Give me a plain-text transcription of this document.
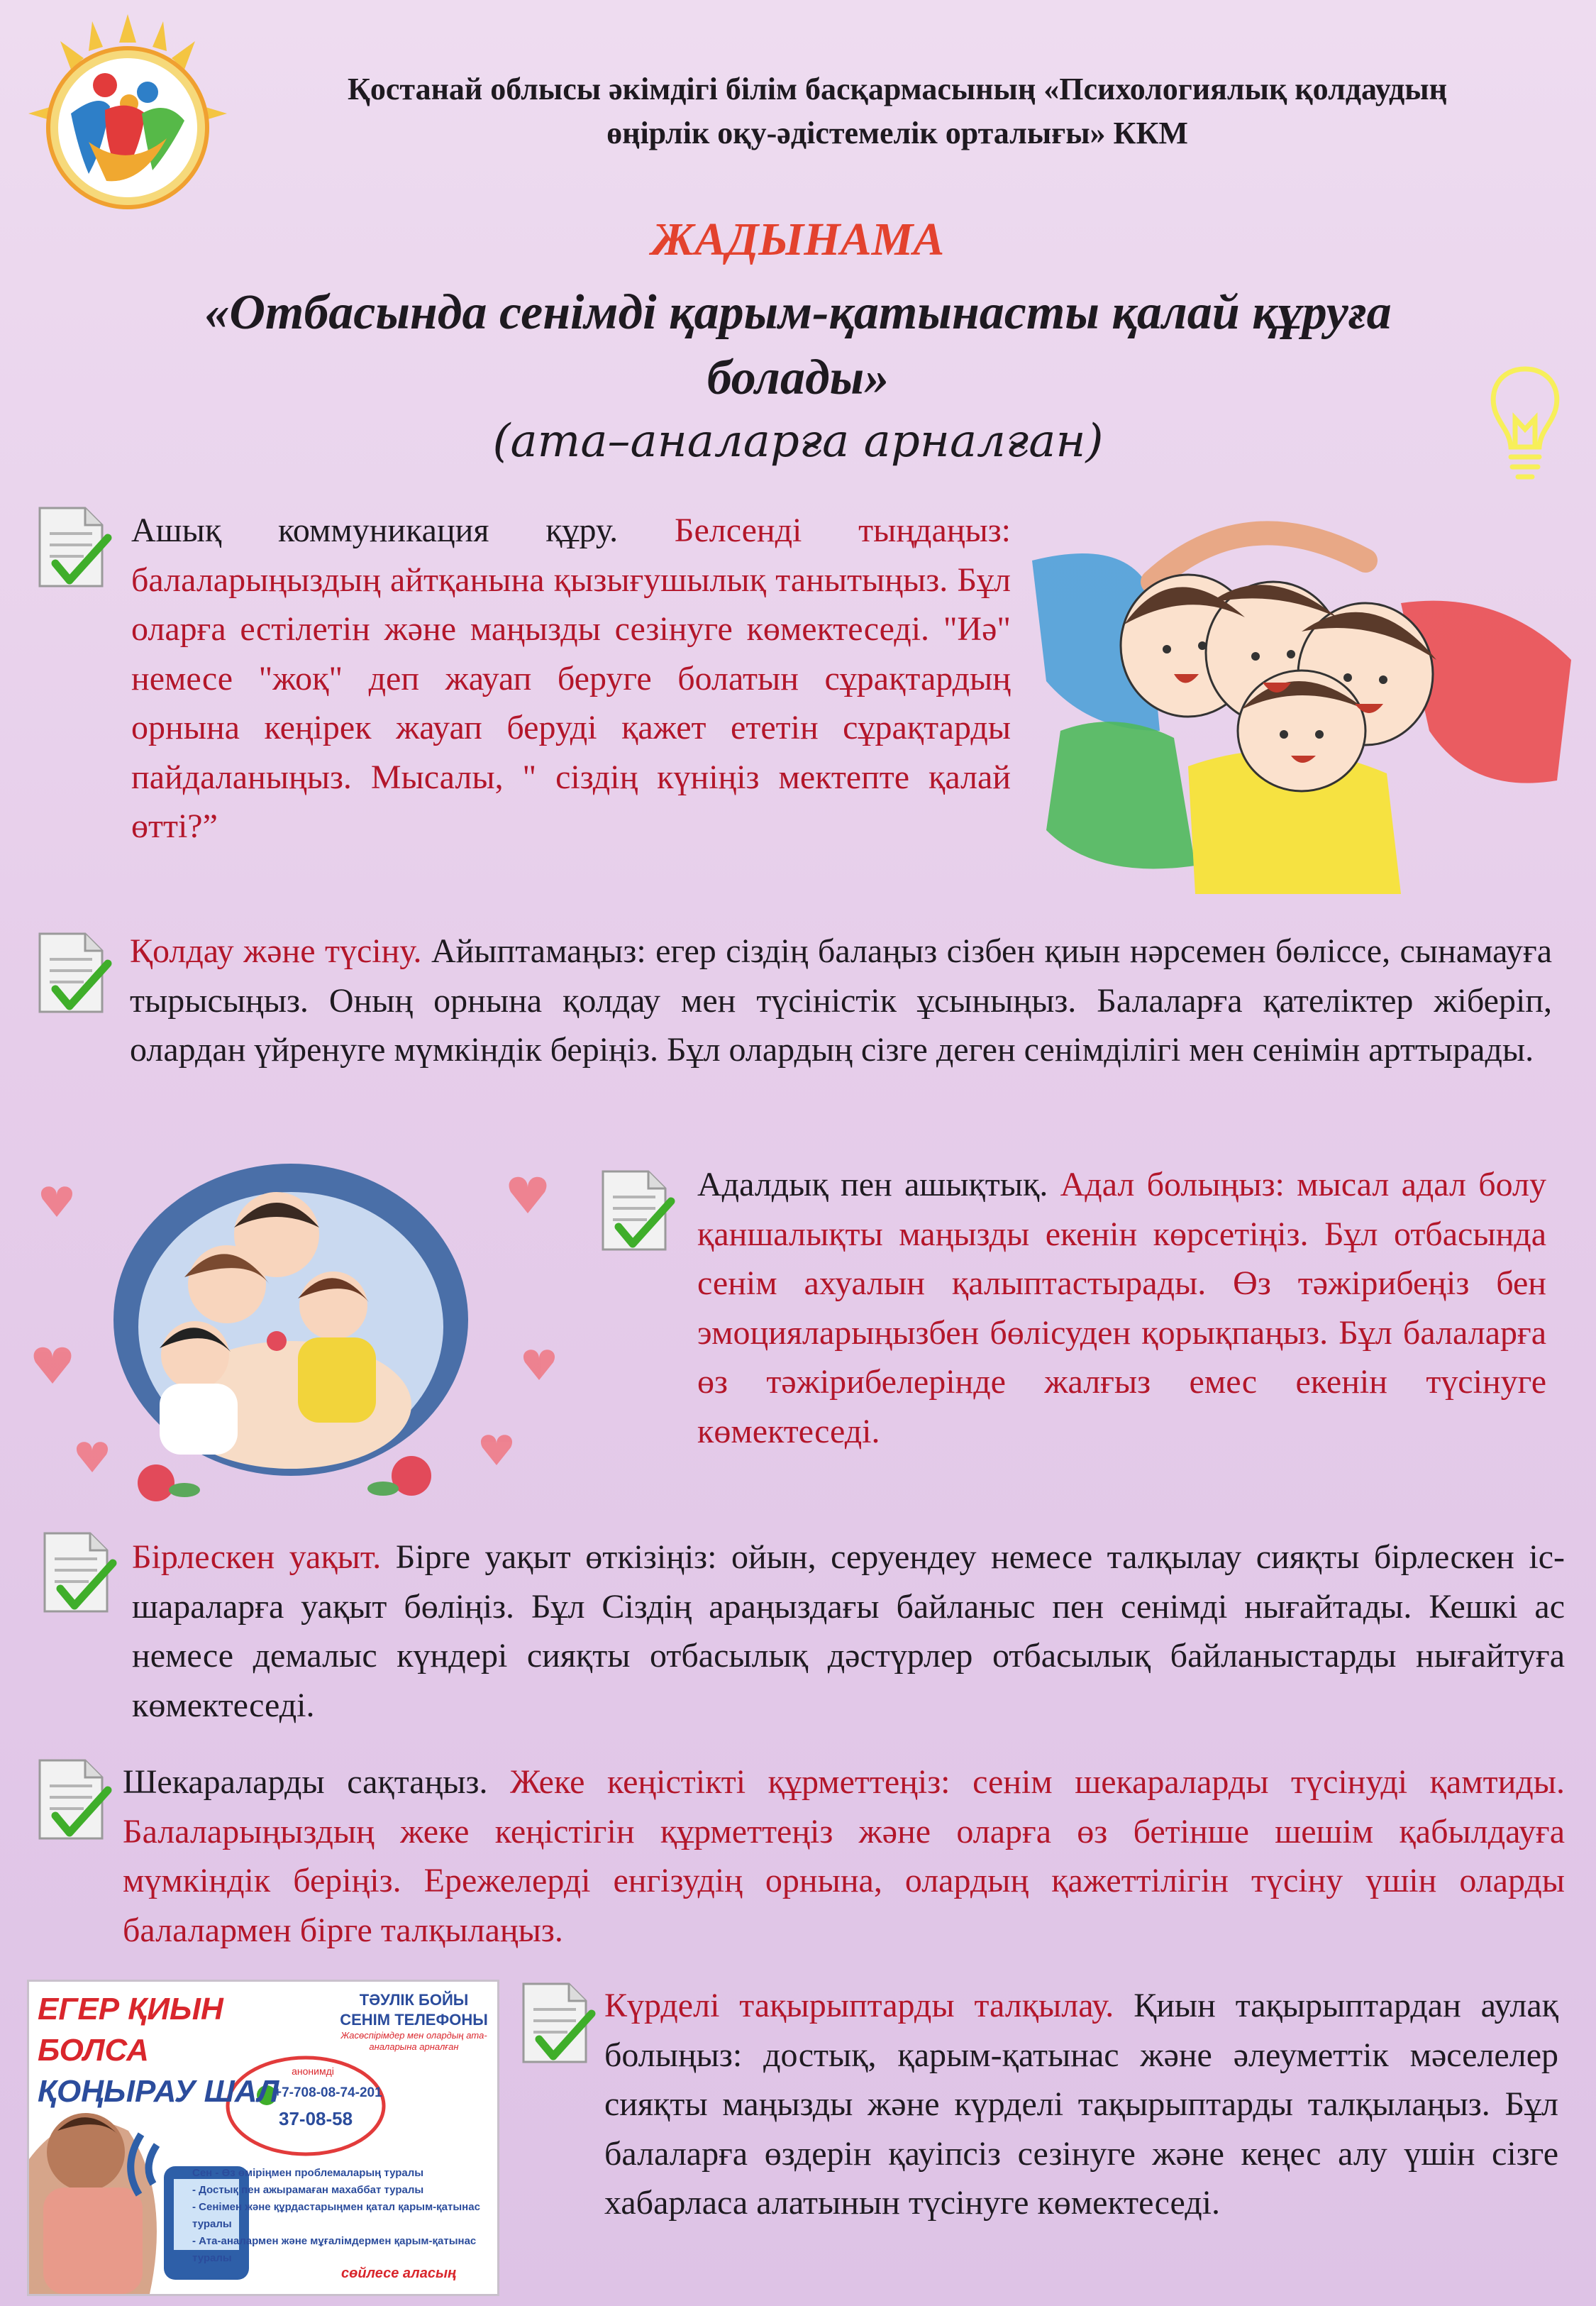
Қостанай облысы әкімдігі білім басқармасының «Психологиялық қолдаудың
өңірлік оқу-әдістемелік орталығы» ККМ
ЖАДЫНАМА
«Отбасында сенімді қарым-қатынасты қалай құруға
болады»
(ата–аналарға арналған)

Ашық коммуникация құру. Белсенді тыңдаңыз: балаларыңыздың айтқанына қызығушылық танытыңыз. Бұл оларға естілетін және маңызды сезінуге көмектеседі. "Иә" немесе "жоқ" деп жауап беруге болатын сұрақтардың орнына кеңірек жауап беруді қажет ететін сұрақтарды пайдаланыңыз. Мысалы, " сіздің күніңіз мектепте қалай өтті?”

Қолдау және түсіну. Айыптамаңыз: егер сіздің балаңыз сізбен қиын нәрсемен бөліссе, сынамауға тырысыңыз. Оның орнына қолдау мен түсіністік ұсыныңыз. Балаларға қателіктер жіберіп, олардан үйренуге мүмкіндік беріңіз. Бұл олардың сізге деген сенімділігі мен сенімін арттырады.

Адалдық пен ашықтық. Адал болыңыз: мысал адал болу қаншалықты маңызды екенін көрсетіңіз. Бұл отбасында сенім ахуалын қалыптастырады. Өз тәжірибеңіз бен эмоцияларыңызбен бөлісуден қорықпаңыз. Бұл балаларға өз тәжірибелерінде жалғыз емес екенін түсінуге көмектеседі.

Бірлескен уақыт. Бірге уақыт өткізіңіз: ойын, серуендеу немесе талқылау сияқты бірлескен іс-шараларға уақыт бөліңіз. Бұл Сіздің араңыздағы байланыс пен сенімді нығайтады. Кешкі ас немесе демалыс күндері сияқты отбасылық дәстүрлер отбасылық байланыстарды нығайтуға көмектеседі.

Шекараларды сақтаңыз. Жеке кеңістікті құрметтеңіз: сенім шекараларды түсінуді қамтиды. Балаларыңыздың жеке кеңістігін құрметтеңіз және оларға өз бетінше шешім қабылдауға мүмкіндік беріңіз. Ережелерді енгізудің орнына, олардың қажеттілігін түсіну үшін оларды балалармен бірге талқылаңыз.

ЕГЕР ҚИЫН БОЛСА
ҚОҢЫРАУ ШАЛ
ТӘУЛІК БОЙЫ
СЕНІМ ТЕЛЕФОНЫ
Жасөспірімдер мен олардың ата-аналарына арналған
анонимді
+7-708-08-74-201
37-08-58
Сен - Өз өміріңмен проблемаларың туралы
- Достық пен ажырамаған махаббат туралы
- Сенімен және құрдастарыңмен қатал қарым-қатынас туралы
- Ата-аналармен және мұғалімдермен қарым-қатынас туралы
сөйлесе аласың

Күрделі тақырыптарды талқылау. Қиын тақырыптардан аулақ болыңыз: достық, қарым-қатынас және әлеуметтік мәселелер сияқты маңызды және күрделі тақырыптарды талқылаңыз. Бұл балаларға өздерін қауіпсіз сезінуге және кеңес алу үшін сізге хабарласа алатынын түсінуге көмектеседі.
